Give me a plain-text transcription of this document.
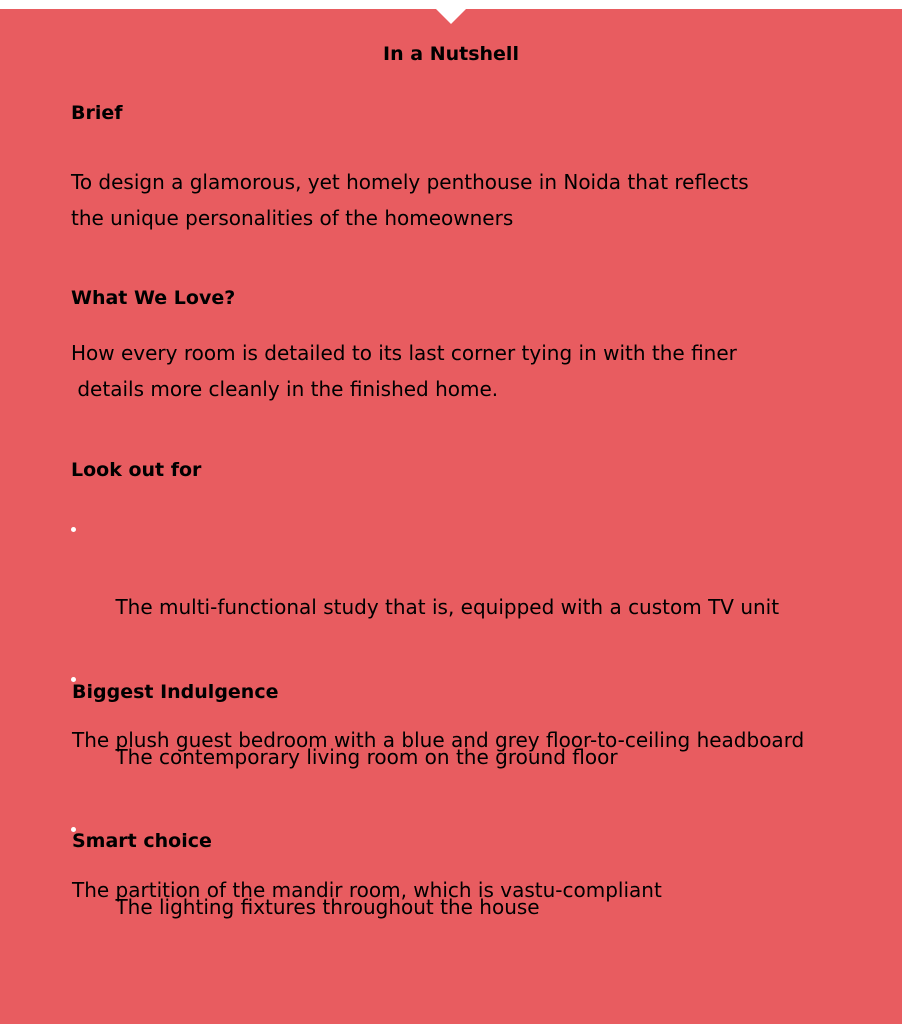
In a Nutshell
Brief
To design a glamorous, yet homely penthouse in Noida that reflects
the unique personalities of the homeowners
What We Love?
How every room is detailed to its last corner tying in with the finer
details more cleanly in the finished home.
Look out for

The multi-functional study that is, equipped with a custom TV unit

The contemporary living room on the ground floor

The lighting fixtures throughout the house

Biggest Indulgence
The plush guest bedroom with a blue and grey floor-to-ceiling headboard
Smart choice
The partition of the mandir room, which is vastu-compliant
